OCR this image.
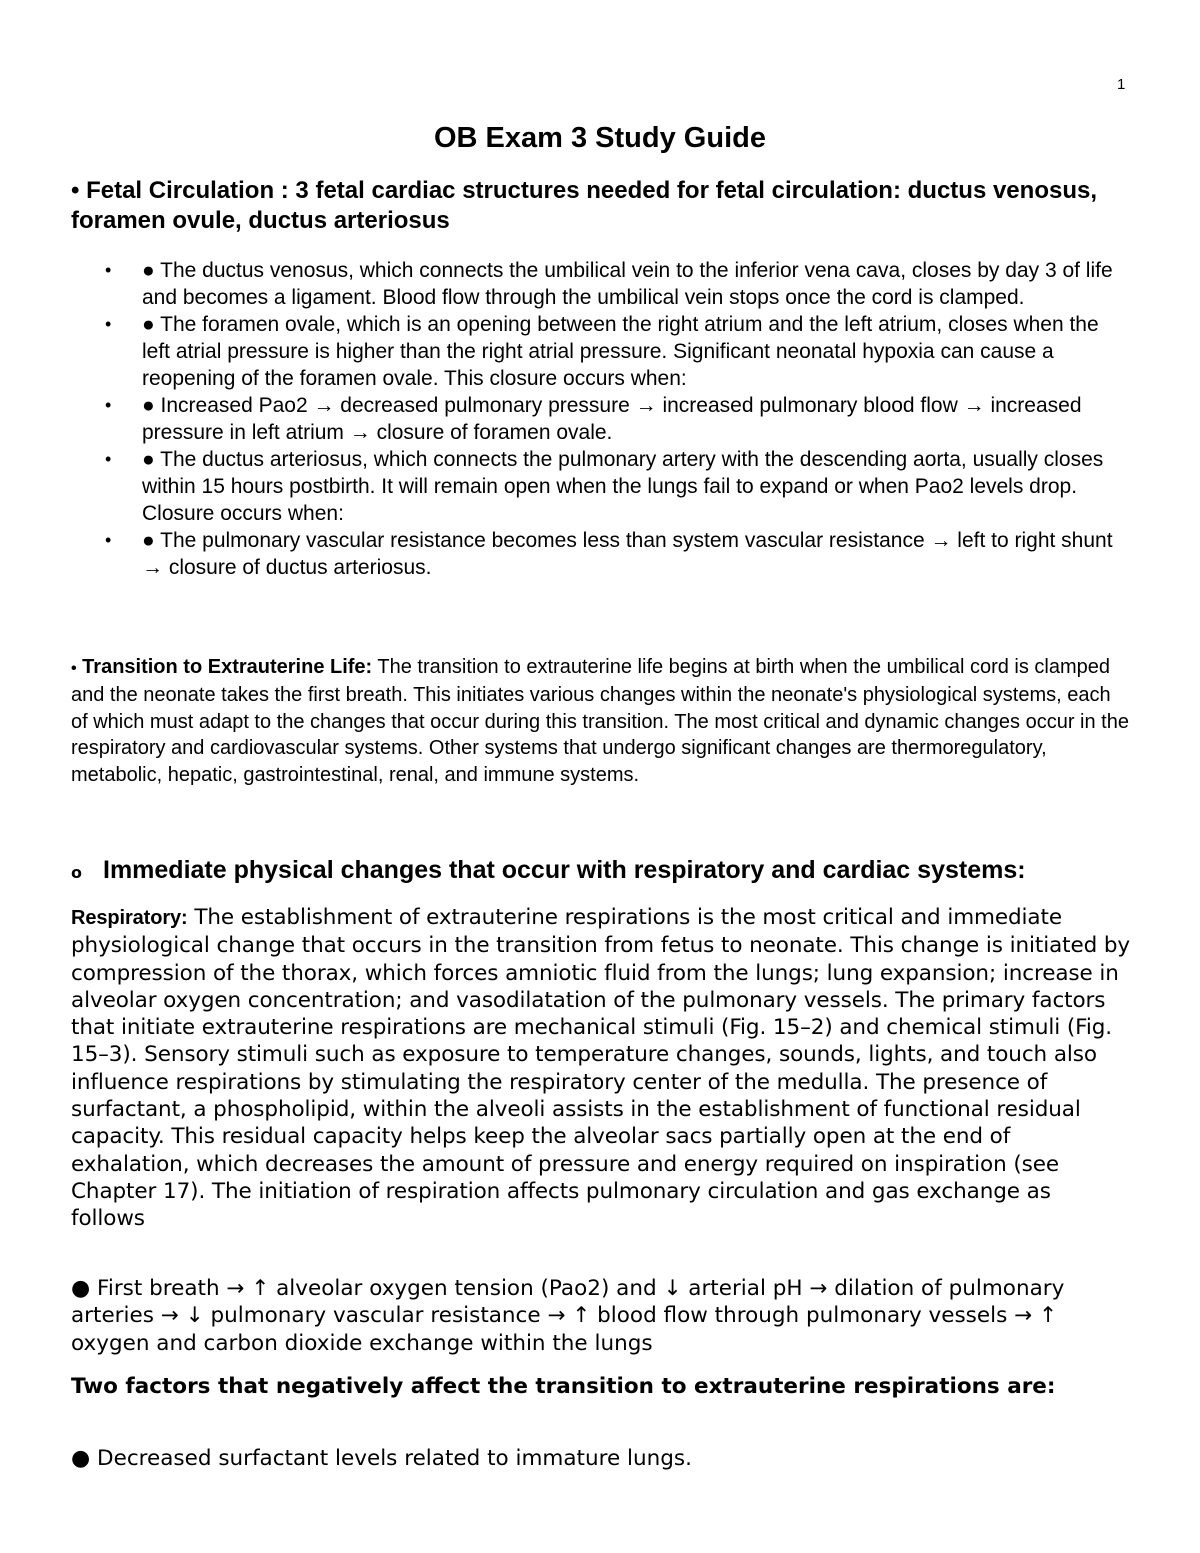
1
OB Exam 3 Study Guide

• Fetal Circulation : 3 fetal cardiac structures needed for fetal circulation: ductus venosus, foramen ovule, ductus arteriosus

• ● The ductus venosus, which connects the umbilical vein to the inferior vena cava, closes by day 3 of life and becomes a ligament. Blood flow through the umbilical vein stops once the cord is clamped.
• ● The foramen ovale, which is an opening between the right atrium and the left atrium, closes when the left atrial pressure is higher than the right atrial pressure. Significant neonatal hypoxia can cause a reopening of the foramen ovale. This closure occurs when:
• ● Increased Pao2 → decreased pulmonary pressure → increased pulmonary blood flow → increased pressure in left atrium → closure of foramen ovale.
• ● The ductus arteriosus, which connects the pulmonary artery with the descending aorta, usually closes within 15 hours postbirth. It will remain open when the lungs fail to expand or when Pao2 levels drop. Closure occurs when:
• ● The pulmonary vascular resistance becomes less than system vascular resistance → left to right shunt → closure of ductus arteriosus.

• Transition to Extrauterine Life: The transition to extrauterine life begins at birth when the umbilical cord is clamped and the neonate takes the first breath. This initiates various changes within the neonate's physiological systems, each of which must adapt to the changes that occur during this transition. The most critical and dynamic changes occur in the respiratory and cardiovascular systems. Other systems that undergo significant changes are thermoregulatory, metabolic, hepatic, gastrointestinal, renal, and immune systems.

o Immediate physical changes that occur with respiratory and cardiac systems:

Respiratory: The establishment of extrauterine respirations is the most critical and immediate physiological change that occurs in the transition from fetus to neonate. This change is initiated by compression of the thorax, which forces amniotic fluid from the lungs; lung expansion; increase in alveolar oxygen concentration; and vasodilatation of the pulmonary vessels. The primary factors that initiate extrauterine respirations are mechanical stimuli (Fig. 15–2) and chemical stimuli (Fig. 15–3). Sensory stimuli such as exposure to temperature changes, sounds, lights, and touch also influence respirations by stimulating the respiratory center of the medulla. The presence of surfactant, a phospholipid, within the alveoli assists in the establishment of functional residual capacity. This residual capacity helps keep the alveolar sacs partially open at the end of exhalation, which decreases the amount of pressure and energy required on inspiration (see Chapter 17). The initiation of respiration affects pulmonary circulation and gas exchange as follows

● First breath → ↑ alveolar oxygen tension (Pao2) and ↓ arterial pH → dilation of pulmonary arteries → ↓ pulmonary vascular resistance → ↑ blood flow through pulmonary vessels → ↑ oxygen and carbon dioxide exchange within the lungs

Two factors that negatively affect the transition to extrauterine respirations are:

● Decreased surfactant levels related to immature lungs.
